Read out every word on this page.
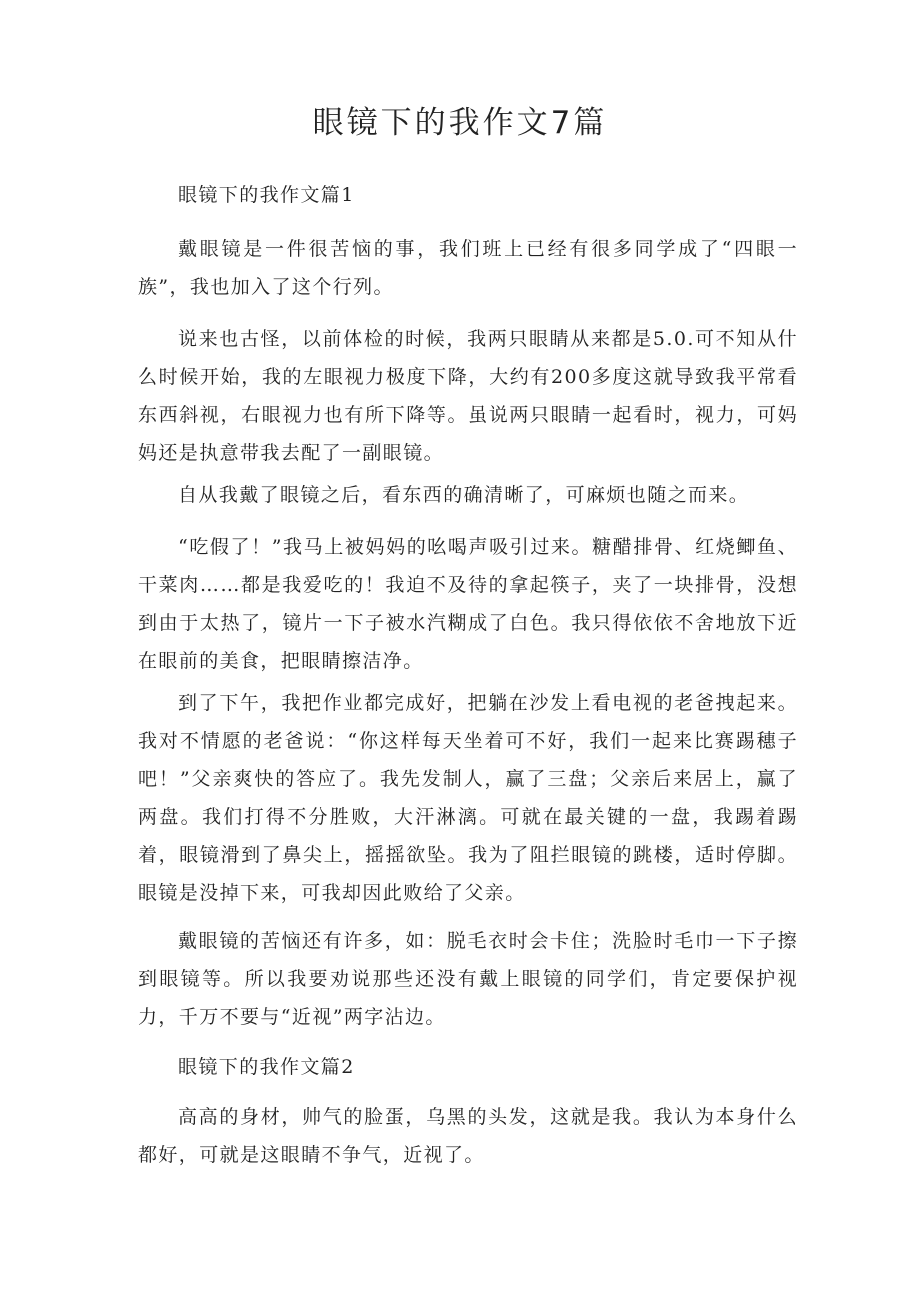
眼镜下的我作文7篇

眼镜下的我作文篇1

戴眼镜是一件很苦恼的事，我们班上已经有很多同学成了“四眼一族”，我也加入了这个行列。

说来也古怪，以前体检的时候，我两只眼睛从来都是5.0.可不知从什么时候开始，我的左眼视力极度下降，大约有200多度这就导致我平常看东西斜视，右眼视力也有所下降等。虽说两只眼睛一起看时，视力，可妈妈还是执意带我去配了一副眼镜。

自从我戴了眼镜之后，看东西的确清晰了，可麻烦也随之而来。

“吃假了！”我马上被妈妈的吆喝声吸引过来。糖醋排骨、红烧鲫鱼、干菜肉……都是我爱吃的！我迫不及待的拿起筷子，夹了一块排骨，没想到由于太热了，镜片一下子被水汽糊成了白色。我只得依依不舍地放下近在眼前的美食，把眼睛擦洁净。

到了下午，我把作业都完成好，把躺在沙发上看电视的老爸拽起来。我对不情愿的老爸说：“你这样每天坐着可不好，我们一起来比赛踢穗子吧！”父亲爽快的答应了。我先发制人，赢了三盘；父亲后来居上，赢了两盘。我们打得不分胜败，大汗淋漓。可就在最关键的一盘，我踢着踢着，眼镜滑到了鼻尖上，摇摇欲坠。我为了阻拦眼镜的跳楼，适时停脚。眼镜是没掉下来，可我却因此败给了父亲。

戴眼镜的苦恼还有许多，如：脱毛衣时会卡住；洗脸时毛巾一下子擦到眼镜等。所以我要劝说那些还没有戴上眼镜的同学们，肯定要保护视力，千万不要与“近视”两字沾边。

眼镜下的我作文篇2

高高的身材，帅气的脸蛋，乌黑的头发，这就是我。我认为本身什么都好，可就是这眼睛不争气，近视了。
